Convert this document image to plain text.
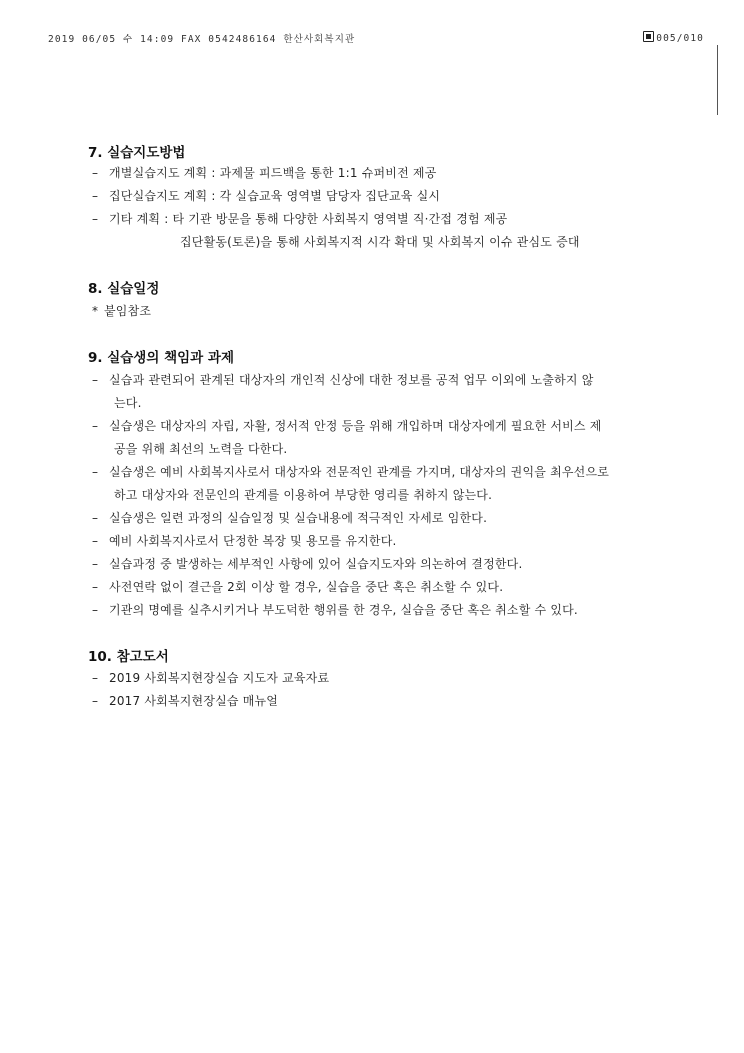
2019 06/05 수 14:09 FAX 0542486164 한산사회복지관	005/010
7. 실습지도방법
– 개별실습지도 계획 : 과제물 피드백을 통한 1:1 슈퍼비전 제공
– 집단실습지도 계획 : 각 실습교육 영역별 담당자 집단교육 실시
– 기타 계획 : 타 기관 방문을 통해 다양한 사회복지 영역별 직·간접 경험 제공
집단활동(토론)을 통해 사회복지적 시각 확대 및 사회복지 이슈 관심도 증대
8. 실습일정
* 붙임참조
9. 실습생의 책임과 과제
– 실습과 관련되어 관계된 대상자의 개인적 신상에 대한 정보를 공적 업무 이외에 노출하지 않
는다.
– 실습생은 대상자의 자립, 자활, 정서적 안정 등을 위해 개입하며 대상자에게 필요한 서비스 제
공을 위해 최선의 노력을 다한다.
– 실습생은 예비 사회복지사로서 대상자와 전문적인 관계를 가지며, 대상자의 권익을 최우선으로
하고 대상자와 전문인의 관계를 이용하여 부당한 영리를 취하지 않는다.
– 실습생은 일련 과정의 실습일정 및 실습내용에 적극적인 자세로 임한다.
– 예비 사회복지사로서 단정한 복장 및 용모를 유지한다.
– 실습과정 중 발생하는 세부적인 사항에 있어 실습지도자와 의논하여 결정한다.
– 사전연락 없이 결근을 2회 이상 할 경우, 실습을 중단 혹은 취소할 수 있다.
– 기관의 명예를 실추시키거나 부도덕한 행위를 한 경우, 실습을 중단 혹은 취소할 수 있다.
10. 참고도서
– 2019 사회복지현장실습 지도자 교육자료
– 2017 사회복지현장실습 매뉴얼
